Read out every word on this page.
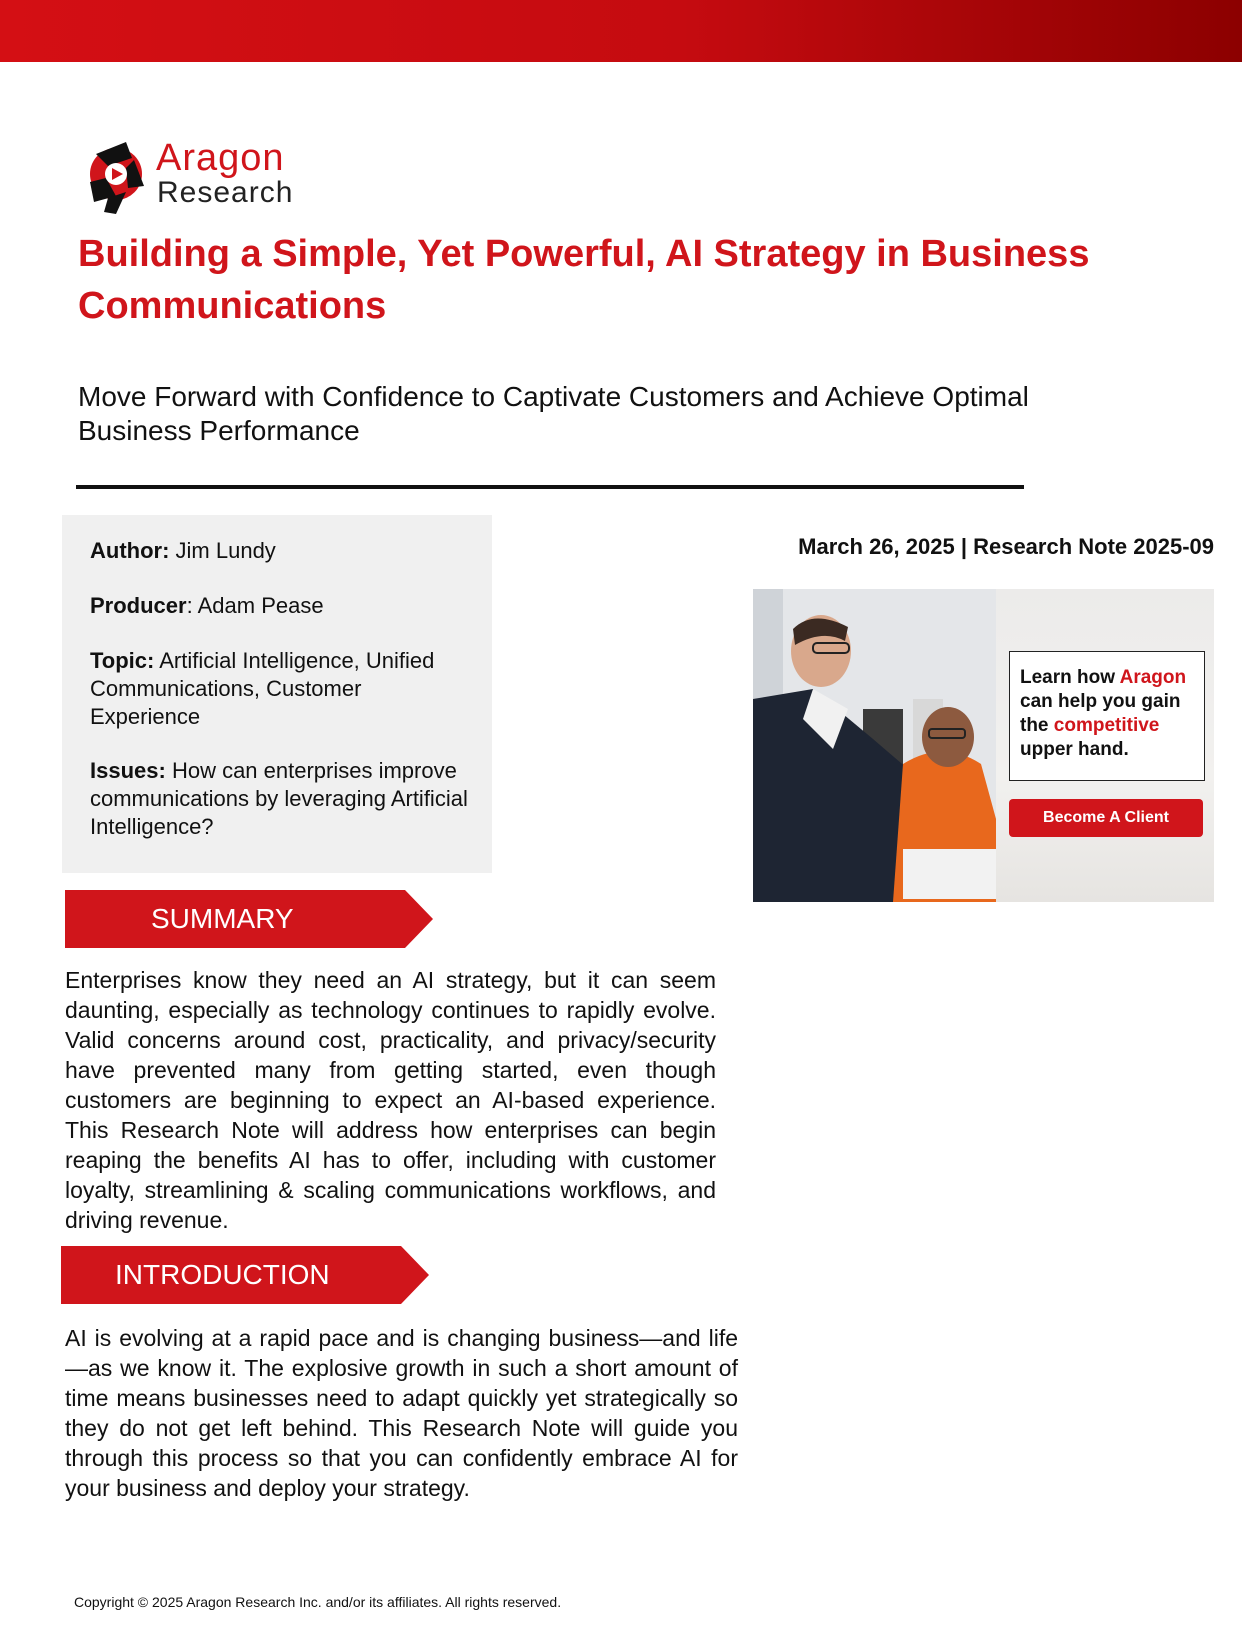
Aragon
Research
Building a Simple, Yet Powerful, AI Strategy in Business Communications

Move Forward with Confidence to Captivate Customers and Achieve Optimal Business Performance

Author: Jim Lundy
Producer: Adam Pease
Topic: Artificial Intelligence, Unified Communications, Customer Experience
Issues: How can enterprises improve communications by leveraging Artificial Intelligence?
March 26, 2025 | Research Note 2025-09
Learn how Aragon can help you gain the competitive upper hand.
Become A Client
SUMMARY

Enterprises know they need an AI strategy, but it can seem daunting, especially as technology continues to rapidly evolve. Valid concerns around cost, practicality, and privacy/security have prevented many from getting started, even though customers are beginning to expect an AI-based experience. This Research Note will address how enterprises can begin reaping the benefits AI has to offer, including with customer loyalty, streamlining & scaling communications workflows, and driving revenue.

INTRODUCTION

AI is evolving at a rapid pace and is changing business—and life—as we know it. The explosive growth in such a short amount of time means businesses need to adapt quickly yet strategically so they do not get left behind. This Research Note will guide you through this process so that you can confidently embrace AI for your business and deploy your strategy.

Copyright © 2025 Aragon Research Inc. and/or its affiliates. All rights reserved.
